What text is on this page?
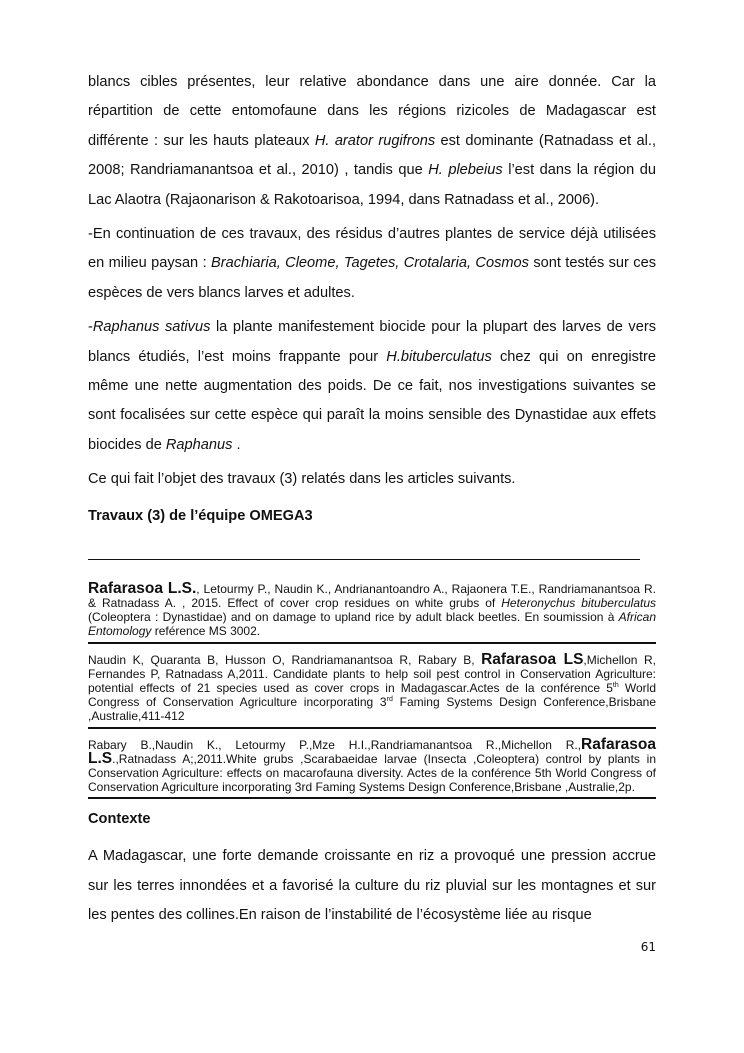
blancs cibles présentes, leur relative abondance dans une aire donnée. Car la répartition de cette entomofaune dans les régions rizicoles de Madagascar est différente : sur les hauts plateaux H. arator rugifrons est dominante (Ratnadass et al., 2008; Randriamanantsoa et al., 2010) , tandis que H. plebeius l’est dans la région du Lac Alaotra (Rajaonarison & Rakotoarisoa, 1994, dans Ratnadass et al., 2006).

-En continuation de ces travaux, des résidus d’autres plantes de service déjà utilisées en milieu paysan : Brachiaria, Cleome, Tagetes, Crotalaria, Cosmos sont testés sur ces espèces de vers blancs larves et adultes.

-Raphanus sativus la plante manifestement biocide pour la plupart des larves de vers blancs étudiés, l’est moins frappante pour H.bituberculatus chez qui on enregistre même une nette augmentation des poids. De ce fait, nos investigations suivantes se sont focalisées sur cette espèce qui paraît la moins sensible des Dynastidae aux effets biocides de Raphanus .

Ce qui fait l’objet des travaux (3) relatés dans les articles suivants.

Travaux (3) de l’équipe OMEGA3

Rafarasoa L.S., Letourmy P., Naudin K., Andrianantoandro A., Rajaonera T.E., Randriamanantsoa R. & Ratnadass A. , 2015. Effect of cover crop residues on white grubs of Heteronychus bituberculatus (Coleoptera : Dynastidae) and on damage to upland rice by adult black beetles. En soumission à African Entomology reférence MS 3002.

Naudin K, Quaranta B, Husson O, Randriamanantsoa R, Rabary B, Rafarasoa LS,Michellon R, Fernandes P, Ratnadass A,2011. Candidate plants to help soil pest control in Conservation Agriculture: potential effects of 21 species used as cover crops in Madagascar.Actes de la conférence 5th World Congress of Conservation Agriculture incorporating 3rd Faming Systems Design Conference,Brisbane ,Australie,411-412

Rabary B.,Naudin K., Letourmy P.,Mze H.I.,Randriamanantsoa R.,Michellon R.,Rafarasoa L.S.,Ratnadass A;,2011.White grubs ,Scarabaeidae larvae (Insecta ,Coleoptera) control by plants in Conservation Agriculture: effects on macarofauna diversity. Actes de la conférence 5th World Congress of Conservation Agriculture incorporating 3rd Faming Systems Design Conference,Brisbane ,Australie,2p.

Contexte

A Madagascar, une forte demande croissante en riz a provoqué une pression accrue sur les terres innondées et a favorisé la culture du riz pluvial sur les montagnes et sur les pentes des collines.En raison de l’instabilité de l’écosystème liée au risque

61
